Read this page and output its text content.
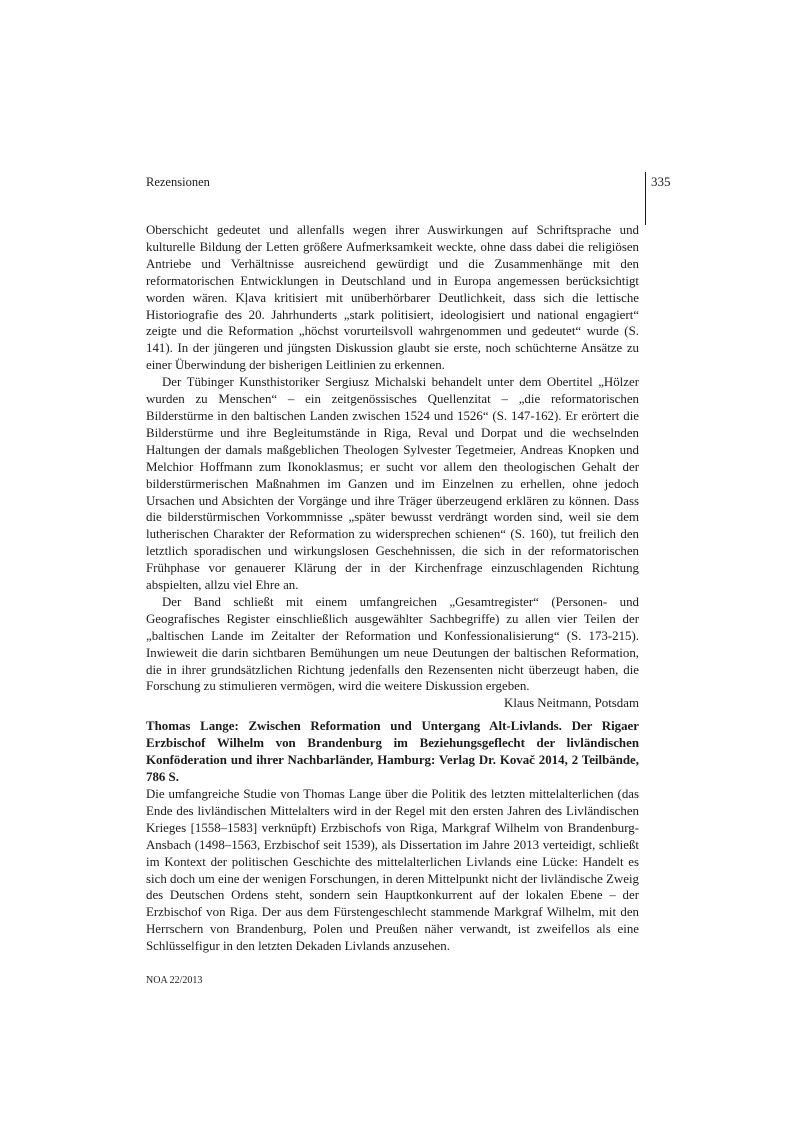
Rezensionen	335

Oberschicht gedeutet und allenfalls wegen ihrer Auswirkungen auf Schriftsprache und kulturelle Bildung der Letten größere Aufmerksamkeit weckte, ohne dass dabei die religiösen Antriebe und Verhältnisse ausreichend gewürdigt und die Zusammenhänge mit den reformatorischen Entwicklungen in Deutschland und in Europa angemessen berücksichtigt worden wären. Kļava kritisiert mit unüberhörbarer Deutlichkeit, dass sich die lettische Historiografie des 20. Jahrhunderts „stark politisiert, ideologisiert und national engagiert“ zeigte und die Reformation „höchst vorurteilsvoll wahrgenommen und gedeutet“ wurde (S. 141). In der jüngeren und jüngsten Diskussion glaubt sie erste, noch schüchterne Ansätze zu einer Überwindung der bisherigen Leitlinien zu erkennen.

Der Tübinger Kunsthistoriker Sergiusz Michalski behandelt unter dem Obertitel „Hölzer wurden zu Menschen“ – ein zeitgenössisches Quellenzitat – „die reformatorischen Bilderstürme in den baltischen Landen zwischen 1524 und 1526“ (S. 147-162). Er erörtert die Bilderstürme und ihre Begleitumstände in Riga, Reval und Dorpat und die wechselnden Haltungen der damals maßgeblichen Theologen Sylvester Tegetmeier, Andreas Knopken und Melchior Hoffmann zum Ikonoklasmus; er sucht vor allem den theologischen Gehalt der bilderstürmerischen Maßnahmen im Ganzen und im Einzelnen zu erhellen, ohne jedoch Ursachen und Absichten der Vorgänge und ihre Träger überzeugend erklären zu können. Dass die bilderstürmischen Vorkommnisse „später bewusst verdrängt worden sind, weil sie dem lutherischen Charakter der Reformation zu widersprechen schienen“ (S. 160), tut freilich den letztlich sporadischen und wirkungslosen Geschehnissen, die sich in der reformatorischen Frühphase vor genauerer Klärung der in der Kirchenfrage einzuschlagenden Richtung abspielten, allzu viel Ehre an.

Der Band schließt mit einem umfangreichen „Gesamtregister“ (Personen- und Geografisches Register einschließlich ausgewählter Sachbegriffe) zu allen vier Teilen der „baltischen Lande im Zeitalter der Reformation und Konfessionalisierung“ (S. 173-215). Inwieweit die darin sichtbaren Bemühungen um neue Deutungen der baltischen Reformation, die in ihrer grundsätzlichen Richtung jedenfalls den Rezensenten nicht überzeugt haben, die Forschung zu stimulieren vermögen, wird die weitere Diskussion ergeben.

Klaus Neitmann, Potsdam

Thomas Lange: Zwischen Reformation und Untergang Alt-Livlands. Der Rigaer Erzbischof Wilhelm von Brandenburg im Beziehungsgeflecht der livländischen Konföderation und ihrer Nachbarländer, Hamburg: Verlag Dr. Kovač 2014, 2 Teilbände, 786 S.

Die umfangreiche Studie von Thomas Lange über die Politik des letzten mittelalterlichen (das Ende des livländischen Mittelalters wird in der Regel mit den ersten Jahren des Livländischen Krieges [1558–1583] verknüpft) Erzbischofs von Riga, Markgraf Wilhelm von Brandenburg-Ansbach (1498–1563, Erzbischof seit 1539), als Dissertation im Jahre 2013 verteidigt, schließt im Kontext der politischen Geschichte des mittelalterlichen Livlands eine Lücke: Handelt es sich doch um eine der wenigen Forschungen, in deren Mittelpunkt nicht der livländische Zweig des Deutschen Ordens steht, sondern sein Hauptkonkurrent auf der lokalen Ebene – der Erzbischof von Riga. Der aus dem Fürstengeschlecht stammende Markgraf Wilhelm, mit den Herrschern von Brandenburg, Polen und Preußen näher verwandt, ist zweifellos als eine Schlüsselfigur in den letzten Dekaden Livlands anzusehen.

NOA 22/2013
